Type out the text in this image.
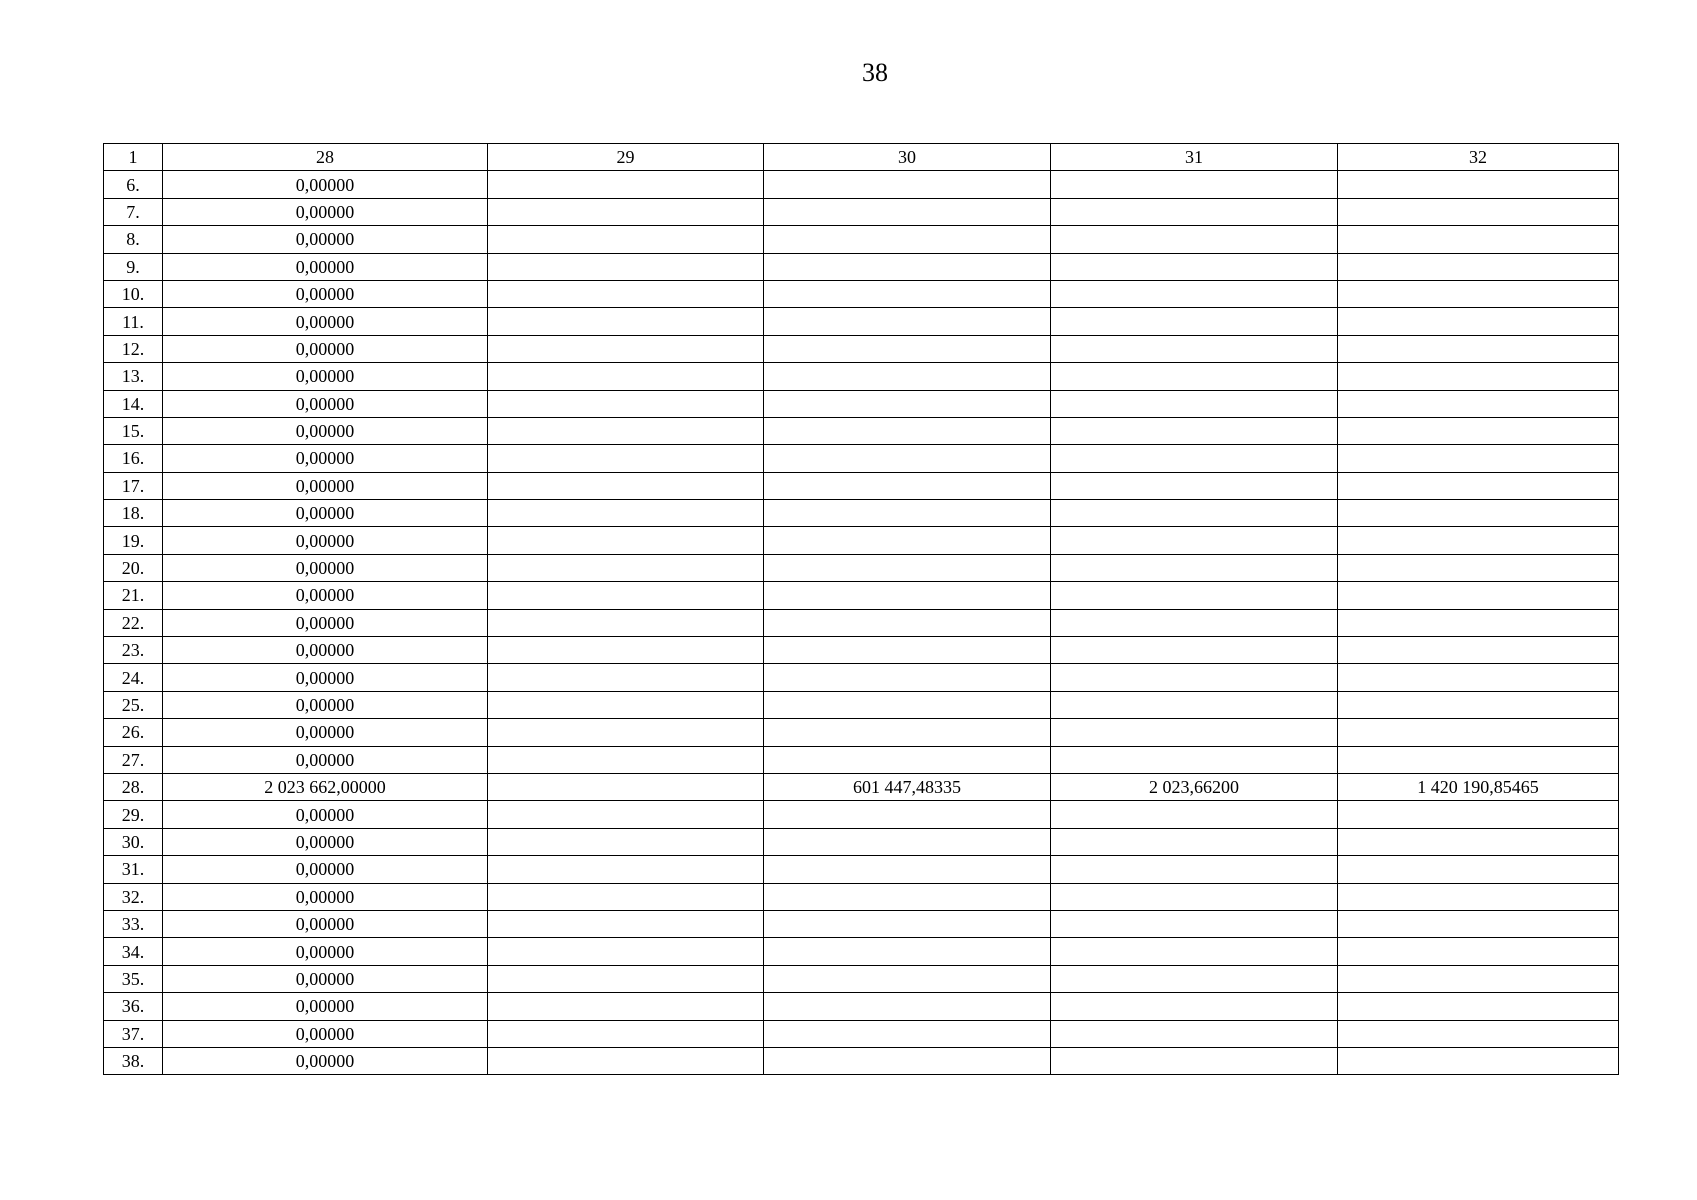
38
1	28	29	30	31	32
6.	0,00000				
7.	0,00000				
8.	0,00000				
9.	0,00000				
10.	0,00000				
11.	0,00000				
12.	0,00000				
13.	0,00000				
14.	0,00000				
15.	0,00000				
16.	0,00000				
17.	0,00000				
18.	0,00000				
19.	0,00000				
20.	0,00000				
21.	0,00000				
22.	0,00000				
23.	0,00000				
24.	0,00000				
25.	0,00000				
26.	0,00000				
27.	0,00000				
28.	2 023 662,00000		601 447,48335	2 023,66200	1 420 190,85465
29.	0,00000				
30.	0,00000				
31.	0,00000				
32.	0,00000				
33.	0,00000				
34.	0,00000				
35.	0,00000				
36.	0,00000				
37.	0,00000				
38.	0,00000				
